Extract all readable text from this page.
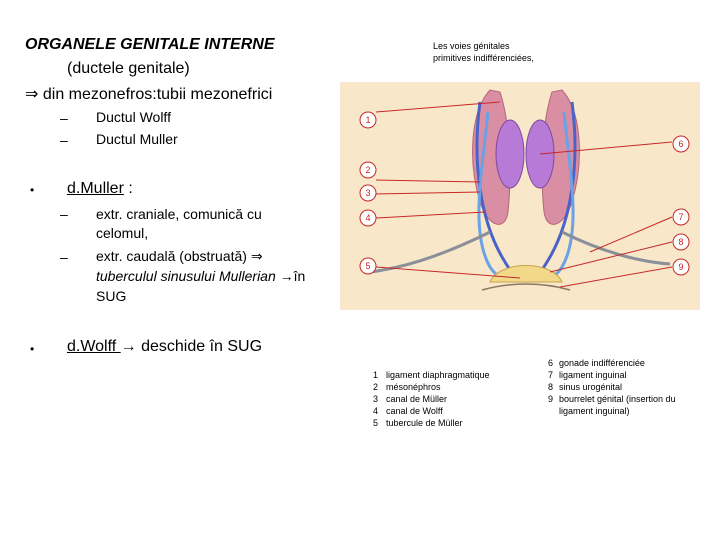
ORGANELE GENITALE INTERNE
(ductele genitale)
⇒ din mezonefros:tubii mezonefrici
– Ductul Wolff
– Ductul Muller
• d.Muller :
– extr. craniale, comunică cu
celomul,
– extr. caudală (obstruată) ⇒
tuberculul sinusului Mullerian →în
SUG
• d.Wolff → deschide în SUG
Les voies génitales
primitives indifférenciées,
1
2
3
4
5
6
7
8
9
1 ligament diaphragmatique
2 mésonéphros
3 canal de Müller
4 canal de Wolff
5 tubercule de Müller
6 gonade indifférenciée
7 ligament inguinal
8 sinus urogénital
9 bourrelet génital (insertion du
ligament inguinal)
